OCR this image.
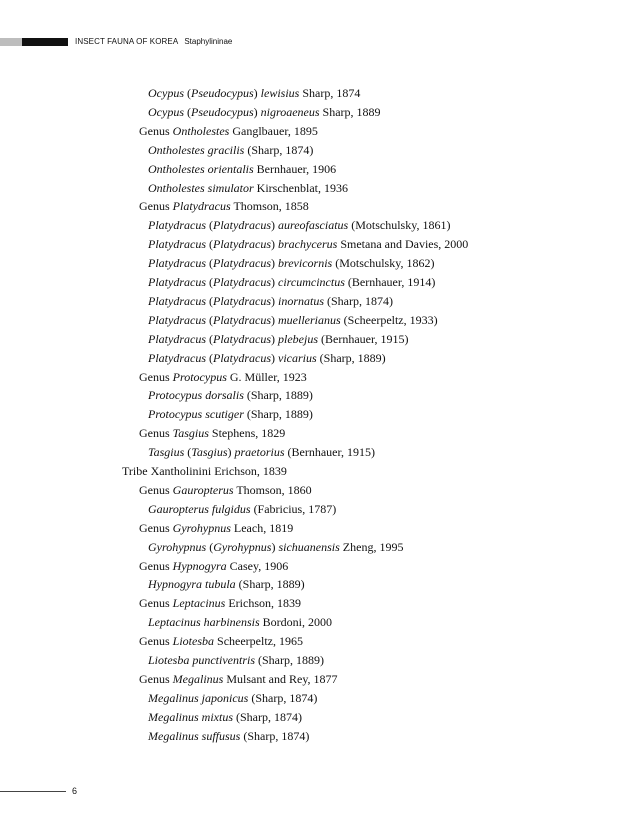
INSECT FAUNA OF KOREA Staphylininae
Ocypus (Pseudocypus) lewisius Sharp, 1874
Ocypus (Pseudocypus) nigroaeneus Sharp, 1889
Genus Ontholestes Ganglbauer, 1895
Ontholestes gracilis (Sharp, 1874)
Ontholestes orientalis Bernhauer, 1906
Ontholestes simulator Kirschenblat, 1936
Genus Platydracus Thomson, 1858
Platydracus (Platydracus) aureofasciatus (Motschulsky, 1861)
Platydracus (Platydracus) brachycerus Smetana and Davies, 2000
Platydracus (Platydracus) brevicornis (Motschulsky, 1862)
Platydracus (Platydracus) circumcinctus (Bernhauer, 1914)
Platydracus (Platydracus) inornatus (Sharp, 1874)
Platydracus (Platydracus) muellerianus (Scheerpeltz, 1933)
Platydracus (Platydracus) plebejus (Bernhauer, 1915)
Platydracus (Platydracus) vicarius (Sharp, 1889)
Genus Protocypus G. Müller, 1923
Protocypus dorsalis (Sharp, 1889)
Protocypus scutiger (Sharp, 1889)
Genus Tasgius Stephens, 1829
Tasgius (Tasgius) praetorius (Bernhauer, 1915)
Tribe Xantholinini Erichson, 1839
Genus Gauropterus Thomson, 1860
Gauropterus fulgidus (Fabricius, 1787)
Genus Gyrohypnus Leach, 1819
Gyrohypnus (Gyrohypnus) sichuanensis Zheng, 1995
Genus Hypnogyra Casey, 1906
Hypnogyra tubula (Sharp, 1889)
Genus Leptacinus Erichson, 1839
Leptacinus harbinensis Bordoni, 2000
Genus Liotesba Scheerpeltz, 1965
Liotesba punctiventris (Sharp, 1889)
Genus Megalinus Mulsant and Rey, 1877
Megalinus japonicus (Sharp, 1874)
Megalinus mixtus (Sharp, 1874)
Megalinus suffusus (Sharp, 1874)
6
